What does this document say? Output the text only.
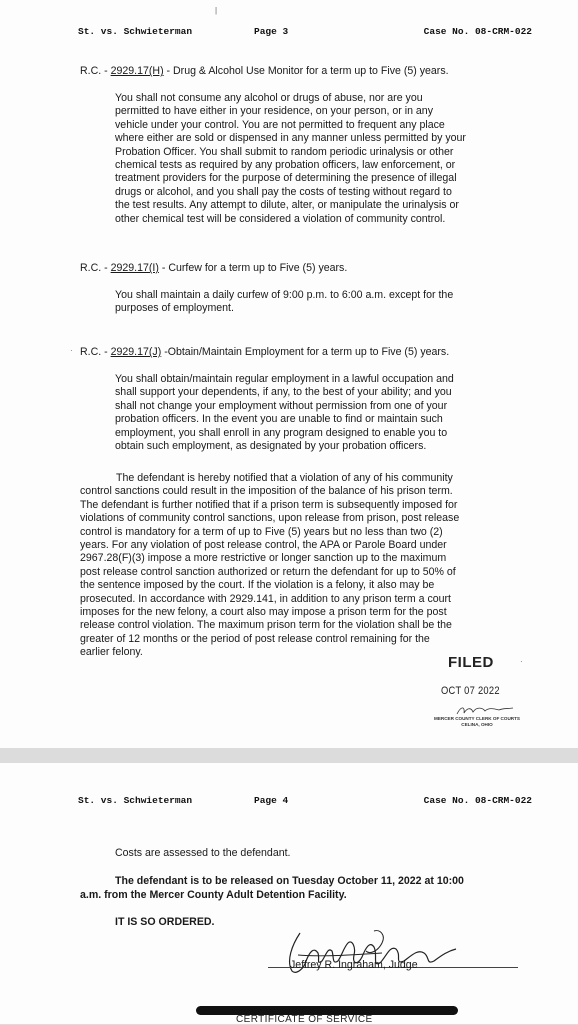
|
St. vs. Schwieterman	Page 3	Case No. 08-CRM-022
R.C. - 2929.17(H) - Drug & Alcohol Use Monitor for a term up to Five (5) years.
You shall not consume any alcohol or drugs of abuse, nor are you
permitted to have either in your residence, on your person, or in any
vehicle under your control. You are not permitted to frequent any place
where either are sold or dispensed in any manner unless permitted by your
Probation Officer. You shall submit to random periodic urinalysis or other
chemical tests as required by any probation officers, law enforcement, or
treatment providers for the purpose of determining the presence of illegal
drugs or alcohol, and you shall pay the costs of testing without regard to
the test results. Any attempt to dilute, alter, or manipulate the urinalysis or
other chemical test will be considered a violation of community control.
R.C. - 2929.17(I) - Curfew for a term up to Five (5) years.
You shall maintain a daily curfew of 9:00 p.m. to 6:00 a.m. except for the
purposes of employment.
· R.C. - 2929.17(J) -Obtain/Maintain Employment for a term up to Five (5) years.
You shall obtain/maintain regular employment in a lawful occupation and
shall support your dependents, if any, to the best of your ability; and you
shall not change your employment without permission from one of your
probation officers. In the event you are unable to find or maintain such
employment, you shall enroll in any program designed to enable you to
obtain such employment, as designated by your probation officers.
The defendant is hereby notified that a violation of any of his community
control sanctions could result in the imposition of the balance of his prison term.
The defendant is further notified that if a prison term is subsequently imposed for
violations of community control sanctions, upon release from prison, post release
control is mandatory for a term of up to Five (5) years but no less than two (2)
years. For any violation of post release control, the APA or Parole Board under
2967.28(F)(3) impose a more restrictive or longer sanction up to the maximum
post release control sanction authorized or return the defendant for up to 50% of
the sentence imposed by the court. If the violation is a felony, it also may be
prosecuted. In accordance with 2929.141, in addition to any prison term a court
imposes for the new felony, a court also may impose a prison term for the post
release control violation. The maximum prison term for the violation shall be the
greater of 12 months or the period of post release control remaining for the
earlier felony.
FILED	·
OCT 07 2022
MERCER COUNTY CLERK OF COURTS
CELINA, OHIO
St. vs. Schwieterman	Page 4	Case No. 08-CRM-022
Costs are assessed to the defendant.
The defendant is to be released on Tuesday October 11, 2022 at 10:00
a.m. from the Mercer County Adult Detention Facility.
IT IS SO ORDERED.
Jeffrey R. Ingraham, Judge
CERTIFICATE OF SERVICE
